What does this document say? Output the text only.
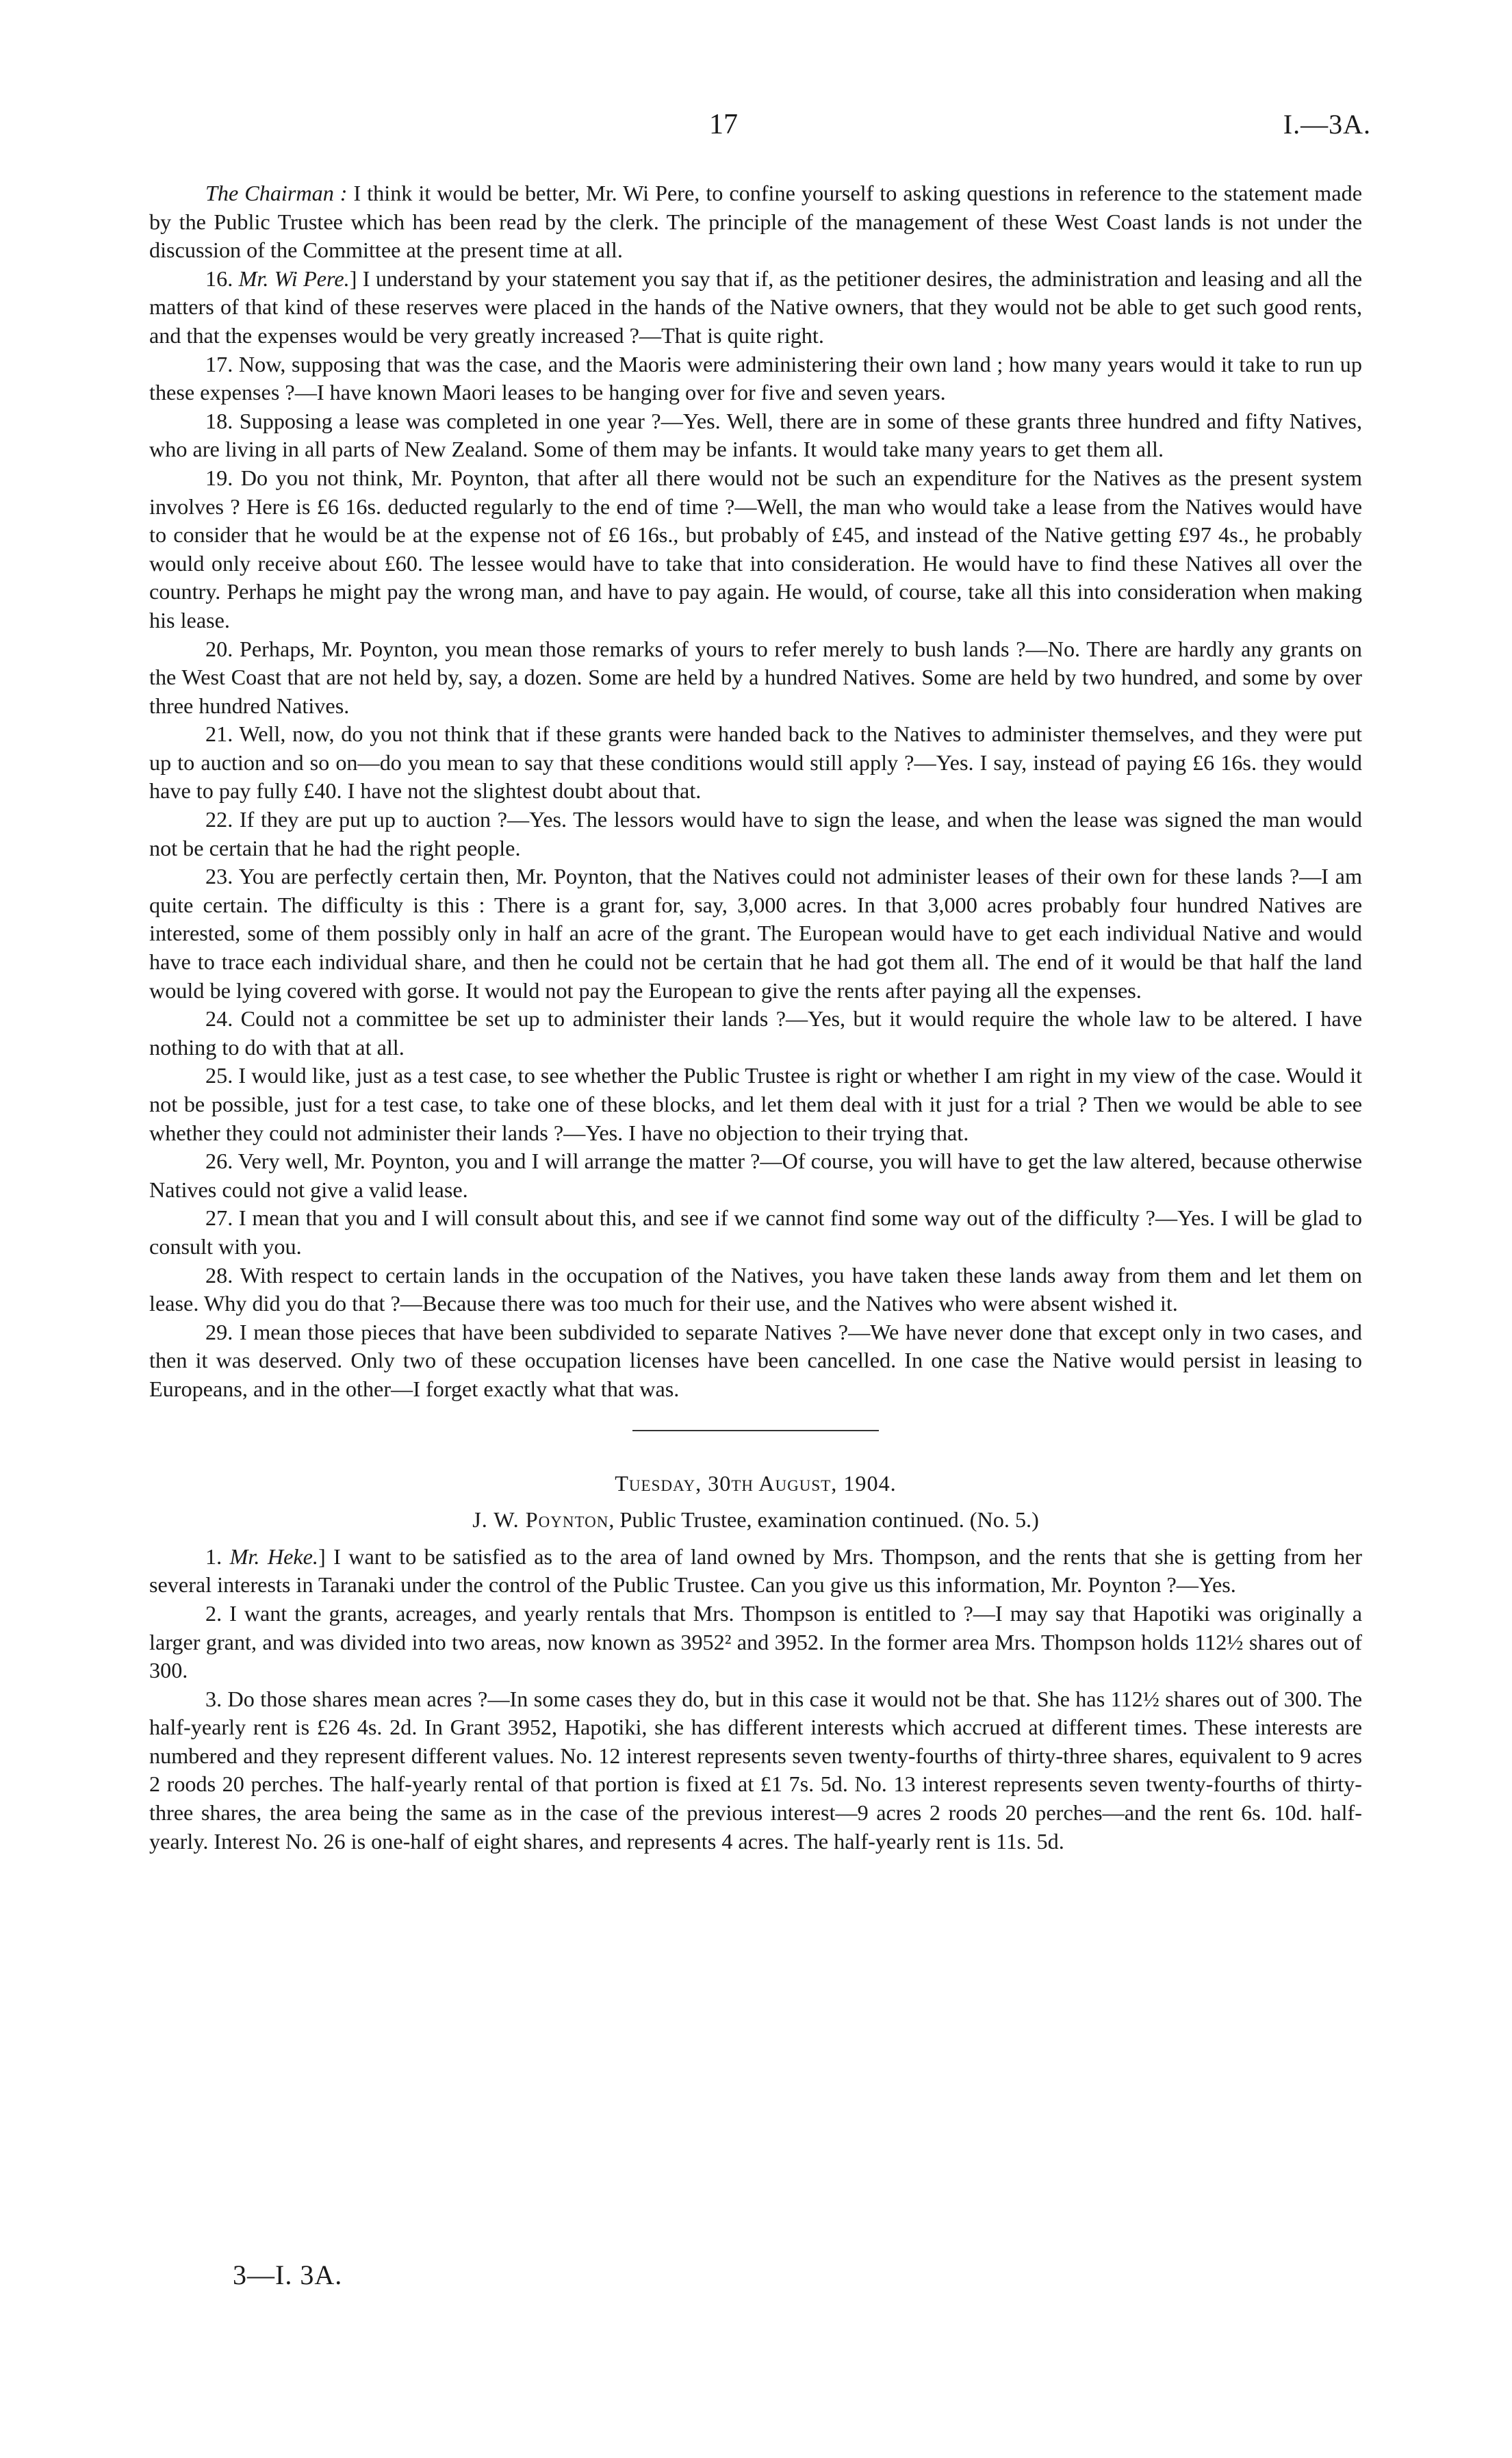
17	I.—3A.

The Chairman : I think it would be better, Mr. Wi Pere, to confine yourself to asking questions in reference to the statement made by the Public Trustee which has been read by the clerk. The principle of the management of these West Coast lands is not under the discussion of the Committee at the present time at all.

16. Mr. Wi Pere.] I understand by your statement you say that if, as the petitioner desires, the administration and leasing and all the matters of that kind of these reserves were placed in the hands of the Native owners, that they would not be able to get such good rents, and that the expenses would be very greatly increased ?—That is quite right.

17. Now, supposing that was the case, and the Maoris were administering their own land ; how many years would it take to run up these expenses ?—I have known Maori leases to be hanging over for five and seven years.

18. Supposing a lease was completed in one year ?—Yes. Well, there are in some of these grants three hundred and fifty Natives, who are living in all parts of New Zealand. Some of them may be infants. It would take many years to get them all.

19. Do you not think, Mr. Poynton, that after all there would not be such an expenditure for the Natives as the present system involves ? Here is £6 16s. deducted regularly to the end of time ?—Well, the man who would take a lease from the Natives would have to consider that he would be at the expense not of £6 16s., but probably of £45, and instead of the Native getting £97 4s., he probably would only receive about £60. The lessee would have to take that into consideration. He would have to find these Natives all over the country. Perhaps he might pay the wrong man, and have to pay again. He would, of course, take all this into consideration when making his lease.

20. Perhaps, Mr. Poynton, you mean those remarks of yours to refer merely to bush lands ?—No. There are hardly any grants on the West Coast that are not held by, say, a dozen. Some are held by a hundred Natives. Some are held by two hundred, and some by over three hundred Natives.

21. Well, now, do you not think that if these grants were handed back to the Natives to administer themselves, and they were put up to auction and so on—do you mean to say that these conditions would still apply ?—Yes. I say, instead of paying £6 16s. they would have to pay fully £40. I have not the slightest doubt about that.

22. If they are put up to auction ?—Yes. The lessors would have to sign the lease, and when the lease was signed the man would not be certain that he had the right people.

23. You are perfectly certain then, Mr. Poynton, that the Natives could not administer leases of their own for these lands ?—I am quite certain. The difficulty is this : There is a grant for, say, 3,000 acres. In that 3,000 acres probably four hundred Natives are interested, some of them possibly only in half an acre of the grant. The European would have to get each individual Native and would have to trace each individual share, and then he could not be certain that he had got them all. The end of it would be that half the land would be lying covered with gorse. It would not pay the European to give the rents after paying all the expenses.

24. Could not a committee be set up to administer their lands ?—Yes, but it would require the whole law to be altered. I have nothing to do with that at all.

25. I would like, just as a test case, to see whether the Public Trustee is right or whether I am right in my view of the case. Would it not be possible, just for a test case, to take one of these blocks, and let them deal with it just for a trial ? Then we would be able to see whether they could not administer their lands ?—Yes. I have no objection to their trying that.

26. Very well, Mr. Poynton, you and I will arrange the matter ?—Of course, you will have to get the law altered, because otherwise Natives could not give a valid lease.

27. I mean that you and I will consult about this, and see if we cannot find some way out of the difficulty ?—Yes. I will be glad to consult with you.

28. With respect to certain lands in the occupation of the Natives, you have taken these lands away from them and let them on lease. Why did you do that ?—Because there was too much for their use, and the Natives who were absent wished it.

29. I mean those pieces that have been subdivided to separate Natives ?—We have never done that except only in two cases, and then it was deserved. Only two of these occupation licenses have been cancelled. In one case the Native would persist in leasing to Europeans, and in the other—I forget exactly what that was.

Tuesday, 30th August, 1904.

J. W. Poynton, Public Trustee, examination continued. (No. 5.)

1. Mr. Heke.] I want to be satisfied as to the area of land owned by Mrs. Thompson, and the rents that she is getting from her several interests in Taranaki under the control of the Public Trustee. Can you give us this information, Mr. Poynton ?—Yes.

2. I want the grants, acreages, and yearly rentals that Mrs. Thompson is entitled to ?—I may say that Hapotiki was originally a larger grant, and was divided into two areas, now known as 3952² and 3952. In the former area Mrs. Thompson holds 112½ shares out of 300.

3. Do those shares mean acres ?—In some cases they do, but in this case it would not be that. She has 112½ shares out of 300. The half-yearly rent is £26 4s. 2d. In Grant 3952, Hapotiki, she has different interests which accrued at different times. These interests are numbered and they represent different values. No. 12 interest represents seven twenty-fourths of thirty-three shares, equivalent to 9 acres 2 roods 20 perches. The half-yearly rental of that portion is fixed at £1 7s. 5d. No. 13 interest represents seven twenty-fourths of thirty-three shares, the area being the same as in the case of the previous interest—9 acres 2 roods 20 perches—and the rent 6s. 10d. half-yearly. Interest No. 26 is one-half of eight shares, and represents 4 acres. The half-yearly rent is 11s. 5d.

3—I. 3A.
